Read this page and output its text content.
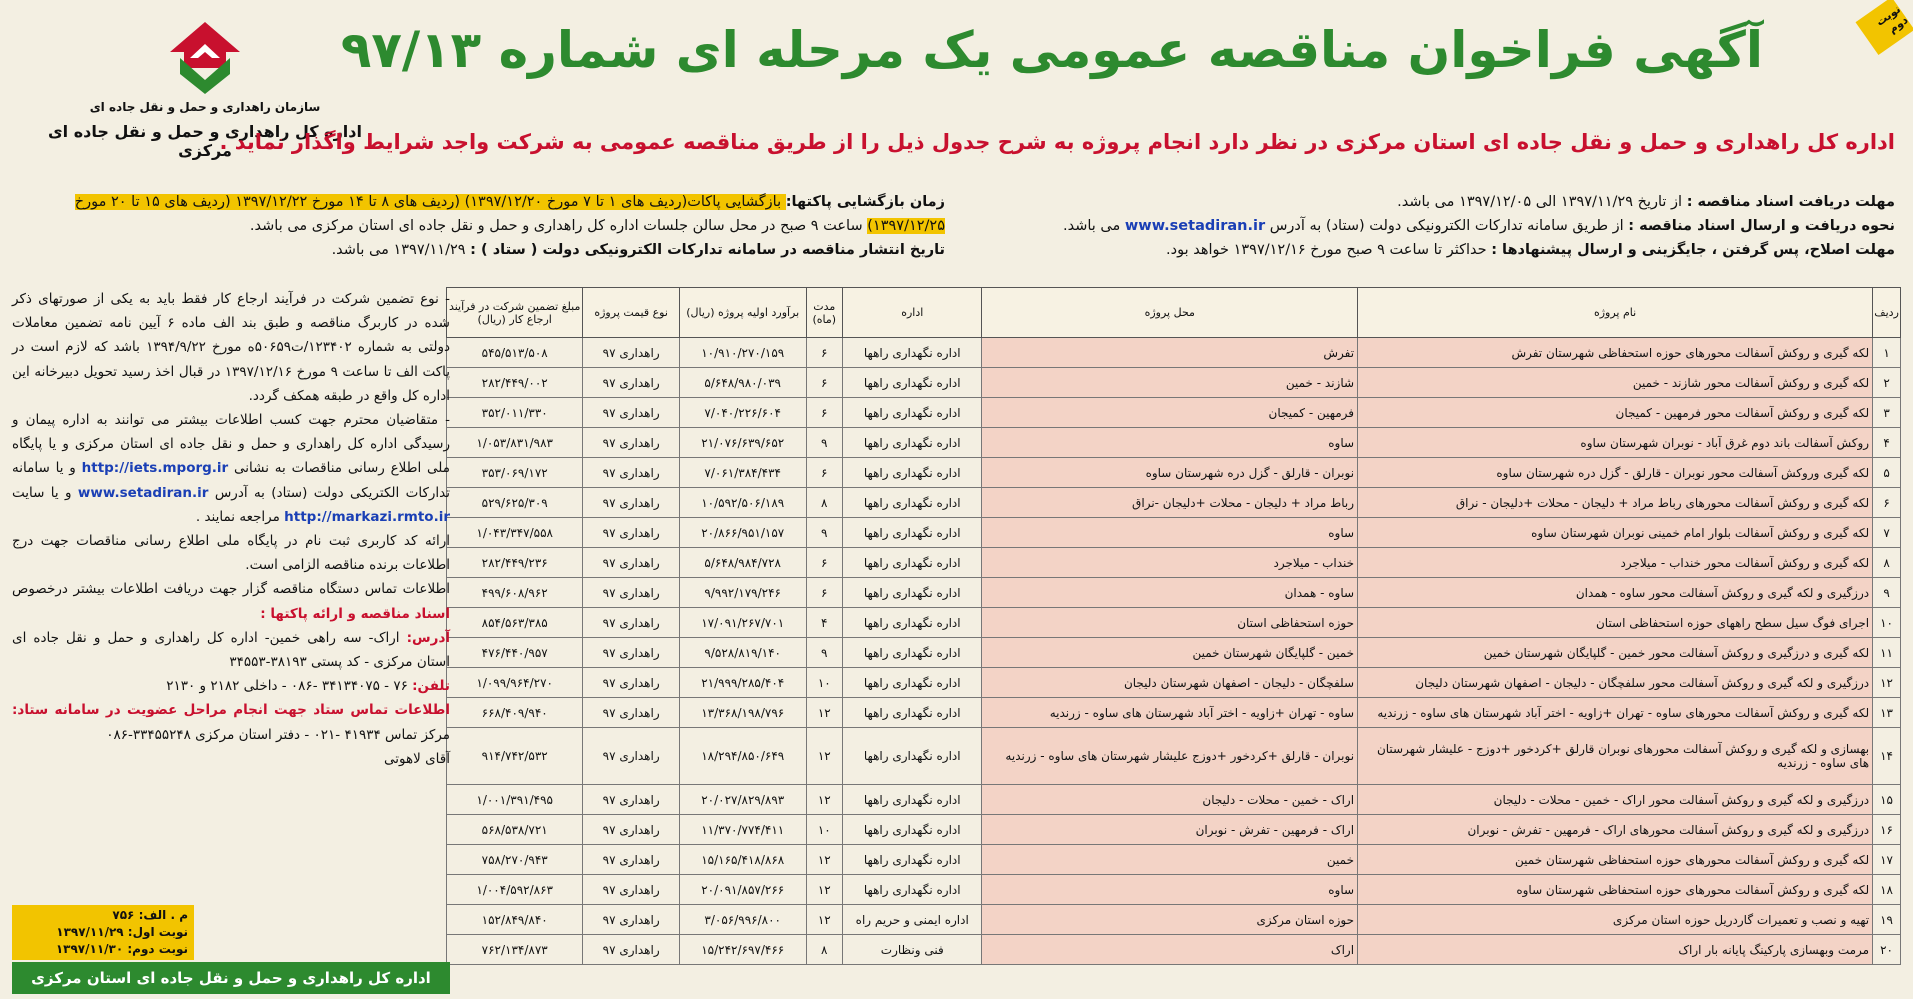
نوبت دوم
آگهی فراخوان مناقصه عمومی یک مرحله ای شماره ۹۷/۱۳
سازمان راهداری و حمل و نقل جاده ای
اداره کل راهداری و حمل و نقل جاده ای مرکزی
اداره کل راهداری و حمل و نقل جاده ای استان مرکزی در نظر دارد انجام پروژه به شرح جدول ذیل را از طریق مناقصه عمومی به شرکت واجد شرایط واگذار نماید .
مهلت دریافت اسناد مناقصه : از تاریخ ۱۳۹۷/۱۱/۲۹ الی ۱۳۹۷/۱۲/۰۵ می باشد.
نحوه دریافت و ارسال اسناد مناقصه : از طریق سامانه تدارکات الکترونیکی دولت (ستاد) به آدرس www.setadiran.ir می باشد.
مهلت اصلاح، پس گرفتن ، جایگزینی و ارسال پیشنهادها : حداکثر تا ساعت ۹ صبح مورخ ۱۳۹۷/۱۲/۱۶ خواهد بود.
زمان بازگشایی پاکتها: بازگشایی پاکات(ردیف های ۱ تا ۷ مورخ ۱۳۹۷/۱۲/۲۰) (ردیف های ۸ تا ۱۴ مورخ ۱۳۹۷/۱۲/۲۲ (ردیف های ۱۵ تا ۲۰ مورخ ۱۳۹۷/۱۲/۲۵) ساعت ۹ صبح در محل سالن جلسات اداره کل راهداری و حمل و نقل جاده ای استان مرکزی می باشد.
تاریخ انتشار مناقصه در سامانه تدارکات الکترونیکی دولت ( ستاد ) : ۱۳۹۷/۱۱/۲۹ می باشد.
ردیف	نام پروژه	محل پروژه	اداره	مدت (ماه)	برآورد اولیه پروژه (ریال)	نوع قیمت پروژه	مبلغ تضمین شرکت در فرآیند ارجاع کار (ریال)
۱	لکه گیری و روکش آسفالت محورهای حوزه استحفاظی شهرستان تفرش	تفرش	اداره نگهداری راهها	۶	۱۰/۹۱۰/۲۷۰/۱۵۹	راهداری ۹۷	۵۴۵/۵۱۳/۵۰۸
۲	لکه گیری و روکش آسفالت محور شازند - خمین	شازند - خمین	اداره نگهداری راهها	۶	۵/۶۴۸/۹۸۰/۰۳۹	راهداری ۹۷	۲۸۲/۴۴۹/۰۰۲
۳	لکه گیری و روکش آسفالت محور فرمهین - کمیجان	فرمهین - کمیجان	اداره نگهداری راهها	۶	۷/۰۴۰/۲۲۶/۶۰۴	راهداری ۹۷	۳۵۲/۰۱۱/۳۳۰
۴	روکش آسفالت باند دوم غرق آباد - نوبران شهرستان ساوه	ساوه	اداره نگهداری راهها	۹	۲۱/۰۷۶/۶۳۹/۶۵۲	راهداری ۹۷	۱/۰۵۳/۸۳۱/۹۸۳
۵	لکه گیری وروکش آسفالت محور نوبران - قارلق - گزل دره شهرستان ساوه	نوبران - قارلق - گزل دره شهرستان ساوه	اداره نگهداری راهها	۶	۷/۰۶۱/۳۸۴/۴۳۴	راهداری ۹۷	۳۵۳/۰۶۹/۱۷۲
۶	لکه گیری و روکش آسفالت محورهای رباط مراد + دلیجان - محلات +دلیجان - نراق	رباط مراد + دلیجان - محلات +دلیجان -نراق	اداره نگهداری راهها	۸	۱۰/۵۹۲/۵۰۶/۱۸۹	راهداری ۹۷	۵۲۹/۶۲۵/۳۰۹
۷	لکه گیری و روکش آسفالت بلوار امام خمینی نوبران شهرستان ساوه	ساوه	اداره نگهداری راهها	۹	۲۰/۸۶۶/۹۵۱/۱۵۷	راهداری ۹۷	۱/۰۴۳/۳۴۷/۵۵۸
۸	لکه گیری و روکش آسفالت محور خنداب - میلاجرد	خنداب - میلاجرد	اداره نگهداری راهها	۶	۵/۶۴۸/۹۸۴/۷۲۸	راهداری ۹۷	۲۸۲/۴۴۹/۲۳۶
۹	درزگیری و لکه گیری و روکش آسفالت محور ساوه - همدان	ساوه - همدان	اداره نگهداری راهها	۶	۹/۹۹۲/۱۷۹/۲۴۶	راهداری ۹۷	۴۹۹/۶۰۸/۹۶۲
۱۰	اجرای فوگ سیل سطح راههای حوزه استحفاظی استان	حوزه استحفاظی استان	اداره نگهداری راهها	۴	۱۷/۰۹۱/۲۶۷/۷۰۱	راهداری ۹۷	۸۵۴/۵۶۳/۳۸۵
۱۱	لکه گیری و درزگیری و روکش آسفالت محور خمین - گلپایگان شهرستان خمین	خمین - گلپایگان شهرستان خمین	اداره نگهداری راهها	۹	۹/۵۲۸/۸۱۹/۱۴۰	راهداری ۹۷	۴۷۶/۴۴۰/۹۵۷
۱۲	درزگیری و لکه گیری و روکش آسفالت محور سلفچگان - دلیجان - اصفهان شهرستان دلیجان	سلفچگان - دلیجان - اصفهان شهرستان دلیجان	اداره نگهداری راهها	۱۰	۲۱/۹۹۹/۲۸۵/۴۰۴	راهداری ۹۷	۱/۰۹۹/۹۶۴/۲۷۰
۱۳	لکه گیری و روکش آسفالت محورهای ساوه - تهران +زاویه - اختر آباد شهرستان های ساوه - زرندیه	ساوه - تهران +زاویه - اختر آباد شهرستان های ساوه - زرندیه	اداره نگهداری راهها	۱۲	۱۳/۳۶۸/۱۹۸/۷۹۶	راهداری ۹۷	۶۶۸/۴۰۹/۹۴۰
۱۴	بهسازی و لکه گیری و روکش آسفالت محورهای نوبران قارلق +کردخور +دوزج - علیشار شهرستان های ساوه - زرندیه	نوبران - قارلق +کردخور +دوزج علیشار شهرستان های ساوه - زرندیه	اداره نگهداری راهها	۱۲	۱۸/۲۹۴/۸۵۰/۶۴۹	راهداری ۹۷	۹۱۴/۷۴۲/۵۳۲
۱۵	درزگیری و لکه گیری و روکش آسفالت محور اراک - خمین - محلات - دلیجان	اراک - خمین - محلات - دلیجان	اداره نگهداری راهها	۱۲	۲۰/۰۲۷/۸۲۹/۸۹۳	راهداری ۹۷	۱/۰۰۱/۳۹۱/۴۹۵
۱۶	درزگیری و لکه گیری و روکش آسفالت محورهای اراک - فرمهین - تفرش - نوبران	اراک - فرمهین - تفرش - نوبران	اداره نگهداری راهها	۱۰	۱۱/۳۷۰/۷۷۴/۴۱۱	راهداری ۹۷	۵۶۸/۵۳۸/۷۲۱
۱۷	لکه گیری و روکش آسفالت محورهای حوزه استحفاظی شهرستان خمین	خمین	اداره نگهداری راهها	۱۲	۱۵/۱۶۵/۴۱۸/۸۶۸	راهداری ۹۷	۷۵۸/۲۷۰/۹۴۳
۱۸	لکه گیری و روکش آسفالت محورهای حوزه استحفاظی شهرستان ساوه	ساوه	اداره نگهداری راهها	۱۲	۲۰/۰۹۱/۸۵۷/۲۶۶	راهداری ۹۷	۱/۰۰۴/۵۹۲/۸۶۳
۱۹	تهیه و نصب و تعمیرات گاردریل حوزه استان مرکزی	حوزه استان مرکزی	اداره ایمنی و حریم راه	۱۲	۳/۰۵۶/۹۹۶/۸۰۰	راهداری ۹۷	۱۵۲/۸۴۹/۸۴۰
۲۰	مرمت وبهسازی پارکینگ پایانه بار اراک	اراک	فنی ونظارت	۸	۱۵/۲۴۲/۶۹۷/۴۶۶	راهداری ۹۷	۷۶۲/۱۳۴/۸۷۳
- نوع تضمین شرکت در فرآیند ارجاع کار فقط باید به یکی از صورتهای ذکر شده در کاربرگ مناقصه و طبق بند الف ماده ۶ آیین نامه تضمین معاملات دولتی به شماره ۱۲۳۴۰۲/ت۵۰۶۵۹ه مورخ ۱۳۹۴/۹/۲۲ باشد که لازم است در پاکت الف تا ساعت ۹ مورخ ۱۳۹۷/۱۲/۱۶ در قبال اخذ رسید تحویل دبیرخانه این اداره کل واقع در طبقه همکف گردد.
- متقاضیان محترم جهت کسب اطلاعات بیشتر می توانند به اداره پیمان و رسیدگی اداره کل راهداری و حمل و نقل جاده ای استان مرکزی و یا پایگاه ملی اطلاع رسانی مناقصات به نشانی http://iets.mporg.ir و یا سامانه تدارکات الکتریکی دولت (ستاد) به آدرس www.setadiran.ir و یا سایت http://markazi.rmto.ir مراجعه نمایند .
ارائه کد کاربری ثبت نام در پایگاه ملی اطلاع رسانی مناقصات جهت درج اطلاعات برنده مناقصه الزامی است.
اطلاعات تماس دستگاه مناقصه گزار جهت دریافت اطلاعات بیشتر درخصوص اسناد مناقصه و ارائه پاکتها :
آدرس: اراک- سه راهی خمین- اداره کل راهداری و حمل و نقل جاده ای استان مرکزی - کد پستی ۳۸۱۹۳-۳۴۵۵۳
تلفن: ۷۶ - ۳۴۱۳۴۰۷۵ -۰۸۶ - داخلی ۲۱۸۲ و ۲۱۳۰
اطلاعات تماس ستاد جهت انجام مراحل عضویت در سامانه ستاد: مرکز تماس ۴۱۹۳۴ -۰۲۱ - دفتر استان مرکزی ۳۳۴۵۵۲۴۸-۰۸۶
آقای لاهوتی
م . الف: ۷۵۶
نوبت اول: ۱۳۹۷/۱۱/۲۹
نوبت دوم: ۱۳۹۷/۱۱/۳۰
اداره کل راهداری و حمل و نقل جاده ای استان مرکزی
